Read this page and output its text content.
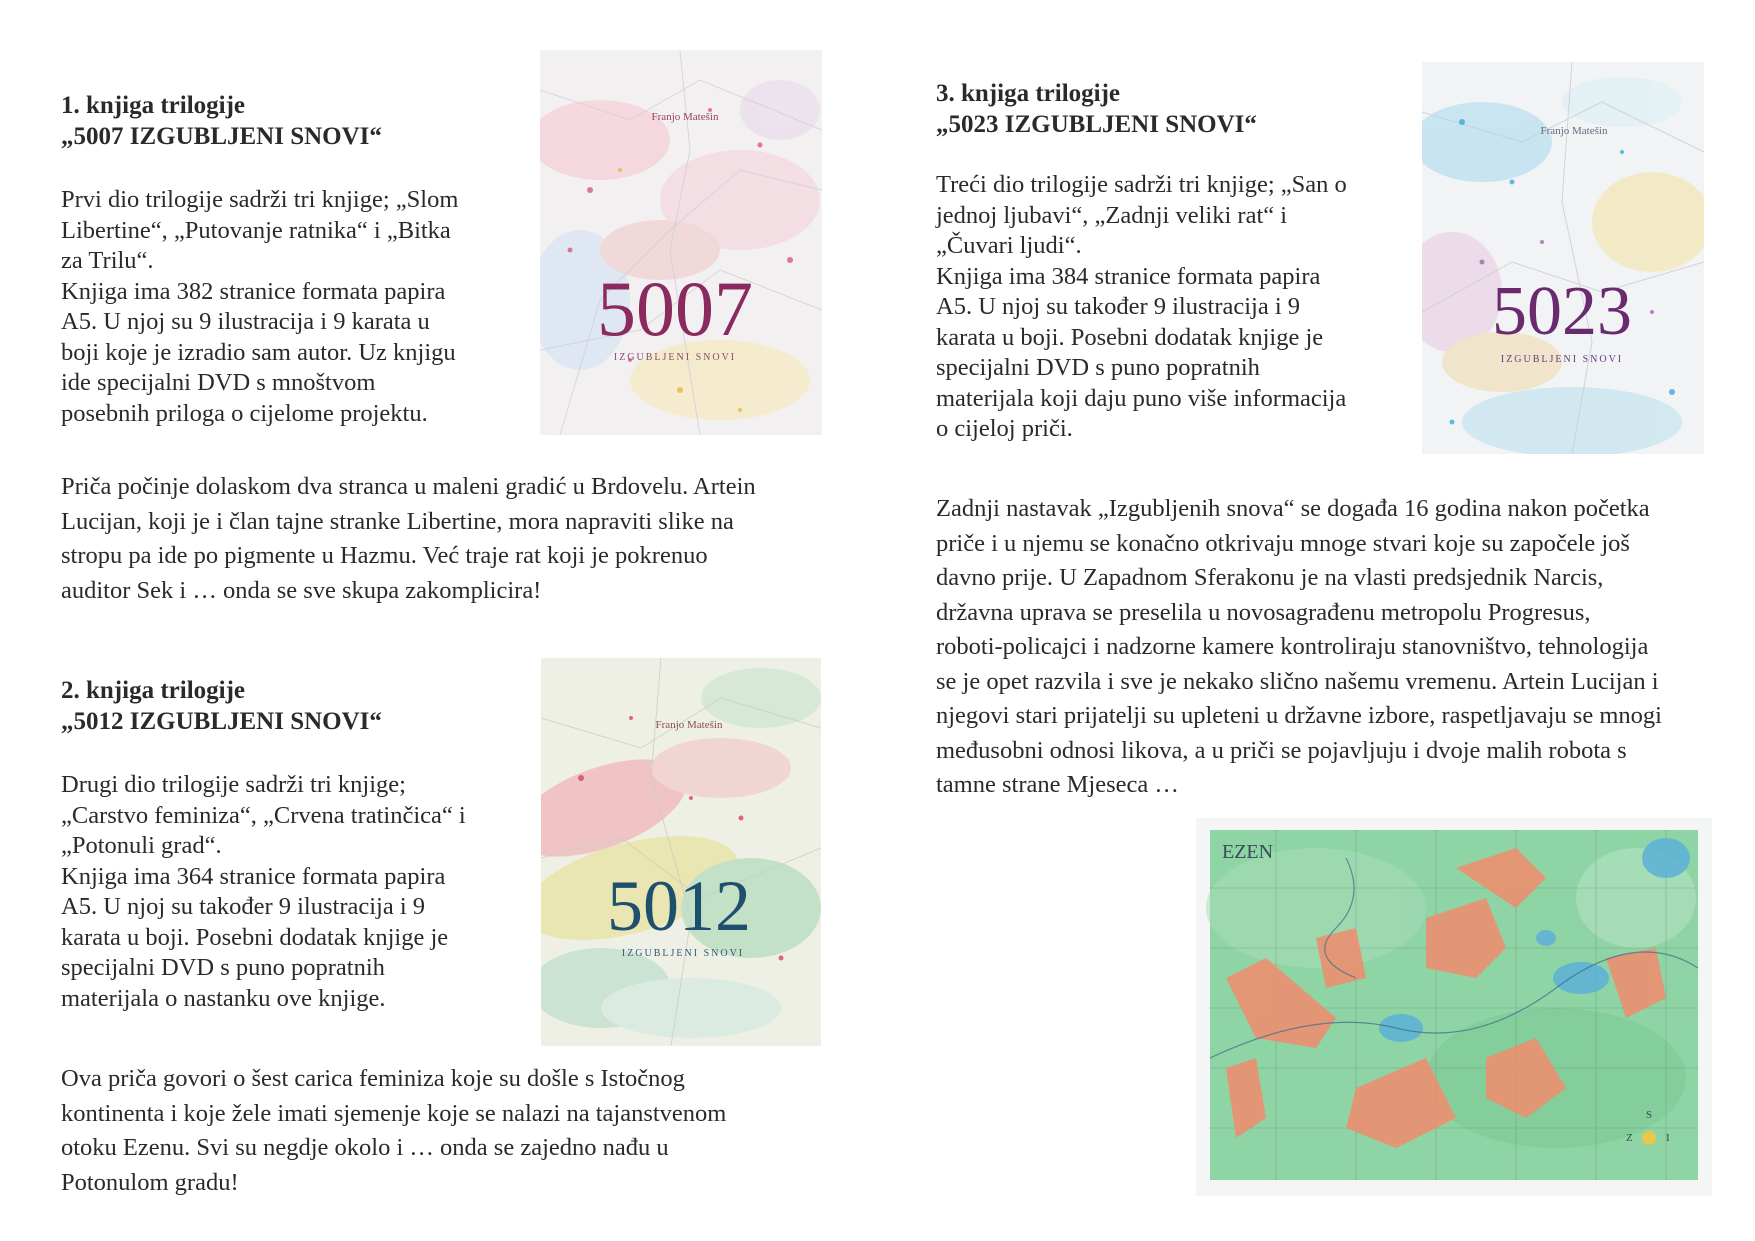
1. knjiga trilogije
„5007 IZGUBLJENI SNOVI“
Prvi dio trilogije sadrži tri knjige; „Slom
Libertine“, „Putovanje ratnika“ i „Bitka
za Trilu“.
Knjiga ima 382 stranice formata papira
A5. U njoj su 9 ilustracija i 9 karata u
boji koje je izradio sam autor. Uz knjigu
ide specijalni DVD s mnoštvom
posebnih priloga o cijelome projektu.
Priča počinje dolaskom dva stranca u maleni gradić u Brdovelu. Artein
Lucijan, koji je i član tajne stranke Libertine, mora napraviti slike na
stropu pa ide po pigmente u Hazmu. Već traje rat koji je pokrenuo
auditor Sek i … onda se sve skupa zakomplicira!
Franjo Matešin
5007
IZGUBLJENI SNOVI
2. knjiga trilogije
„5012 IZGUBLJENI SNOVI“
Drugi dio trilogije sadrži tri knjige;
„Carstvo feminiza“, „Crvena tratinčica“ i
„Potonuli grad“.
Knjiga ima 364 stranice formata papira
A5. U njoj su također 9 ilustracija i 9
karata u boji. Posebni dodatak knjige je
specijalni DVD s puno popratnih
materijala o nastanku ove knjige.
Ova priča govori o šest carica feminiza koje su došle s Istočnog
kontinenta i koje žele imati sjemenje koje se nalazi na tajanstvenom
otoku Ezenu. Svi su negdje okolo i … onda se zajedno nađu u
Potonulom gradu!
Franjo Matešin
5012
IZGUBLJENI SNOVI
3. knjiga trilogije
„5023 IZGUBLJENI SNOVI“
Treći dio trilogije sadrži tri knjige; „San o
jednoj ljubavi“, „Zadnji veliki rat“ i
„Čuvari ljudi“.
Knjiga ima 384 stranice formata papira
A5. U njoj su također 9 ilustracija i 9
karata u boji. Posebni dodatak knjige je
specijalni DVD s puno popratnih
materijala koji daju puno više informacija
o cijeloj priči.
Zadnji nastavak „Izgubljenih snova“ se događa 16 godina nakon početka
priče i u njemu se konačno otkrivaju mnoge stvari koje su započele još
davno prije. U Zapadnom Sferakonu je na vlasti predsjednik Narcis,
državna uprava se preselila u novosagrađenu metropolu Progresus,
roboti-policajci i nadzorne kamere kontroliraju stanovništvo, tehnologija
se je opet razvila i sve je nekako slično našemu vremenu. Artein Lucijan i
njegovi stari prijatelji su upleteni u državne izbore, raspetljavaju se mnogi
međusobni odnosi likova, a u priči se pojavljuju i dvoje malih robota s
tamne strane Mjeseca …
Franjo Matešin
5023
IZGUBLJENI SNOVI
EZEN
S
Z	I
